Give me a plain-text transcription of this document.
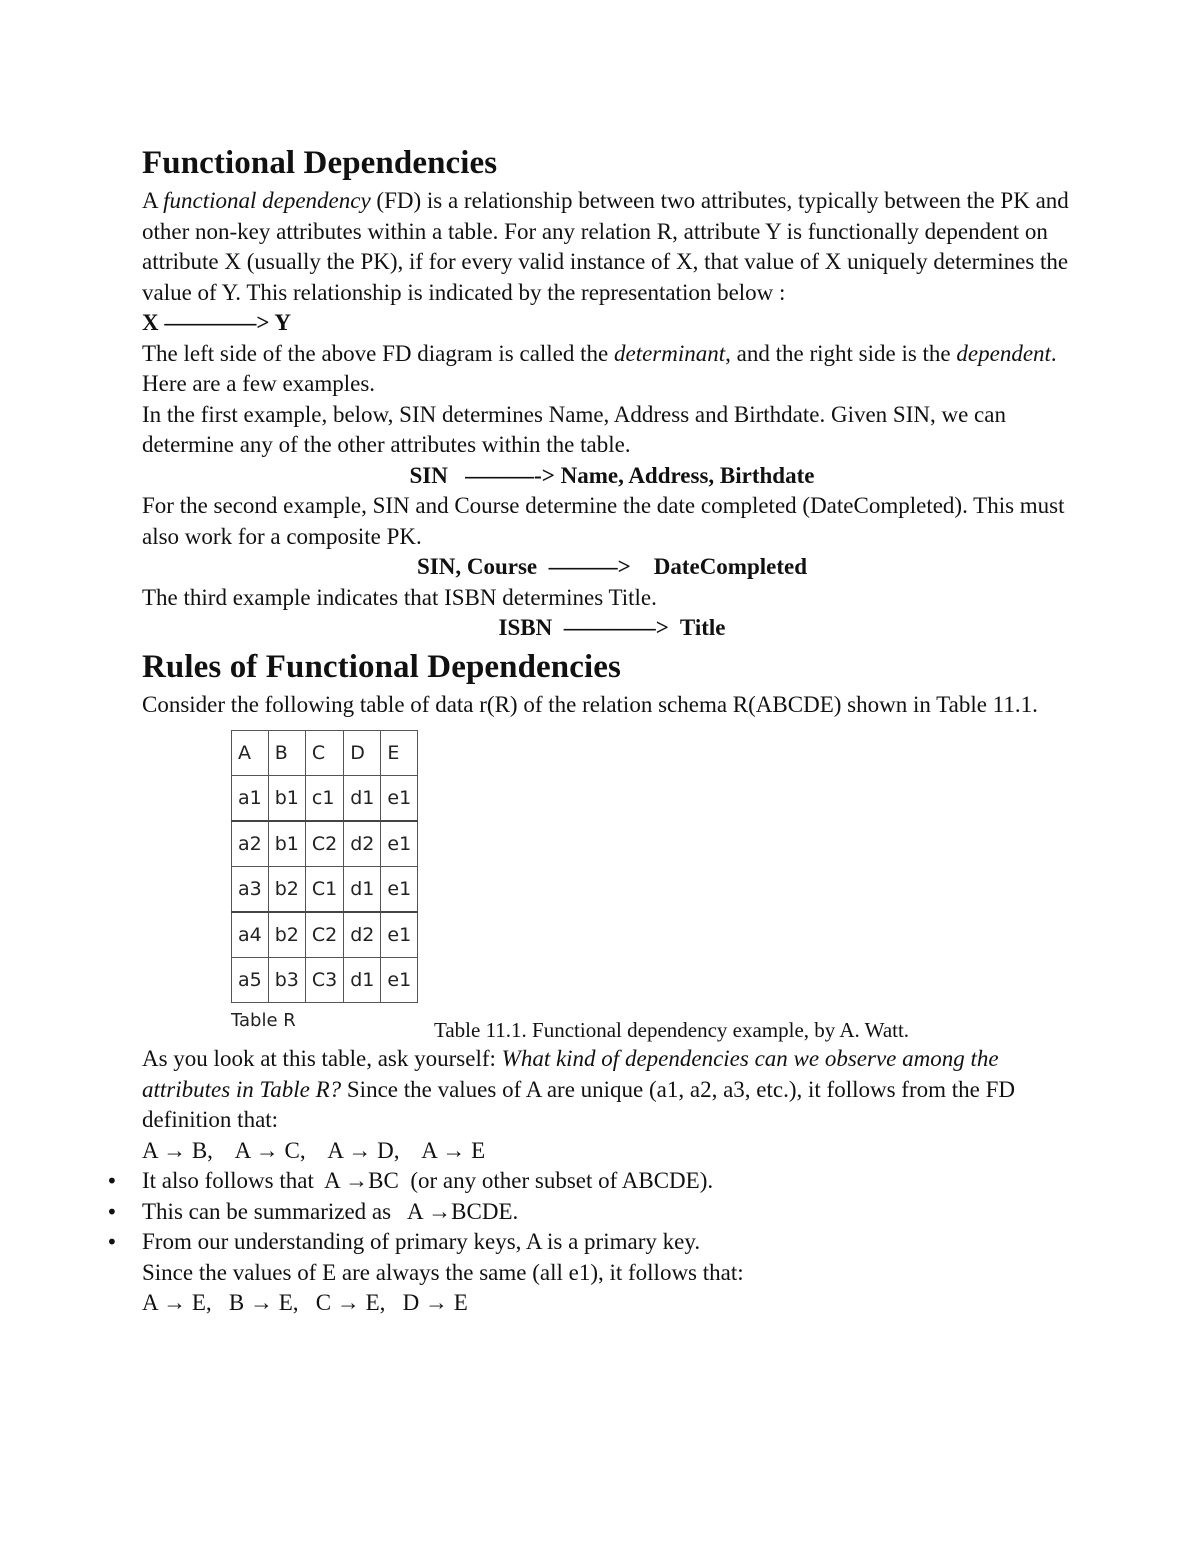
Functional Dependencies

A functional dependency (FD) is a relationship between two attributes, typically between the PK and other non-key attributes within a table. For any relation R, attribute Y is functionally dependent on attribute X (usually the PK), if for every valid instance of X, that value of X uniquely determines the value of Y. This relationship is indicated by the representation below :

X ————> Y

The left side of the above FD diagram is called the determinant, and the right side is the dependent. Here are a few examples.

In the first example, below, SIN determines Name, Address and Birthdate. Given SIN, we can determine any of the other attributes within the table.

SIN   ———-> Name, Address, Birthdate

For the second example, SIN and Course determine the date completed (DateCompleted). This must also work for a composite PK.

SIN, Course  ———>    DateCompleted

The third example indicates that ISBN determines Title.

ISBN  ————>  Title

Rules of Functional Dependencies

Consider the following table of data r(R) of the relation schema R(ABCDE) shown in Table 11.1.

A	B	C	D	E
a1	b1	c1	d1	e1
a2	b1	C2	d2	e1
a3	b2	C1	d1	e1
a4	b2	C2	d2	e1
a5	b3	C3	d1	e1
Table R	Table 11.1. Functional dependency example, by A. Watt.

As you look at this table, ask yourself: What kind of dependencies can we observe among the attributes in Table R? Since the values of A are unique (a1, a2, a3, etc.), it follows from the FD definition that:

A → B,    A → C,    A → D,    A → E

• It also follows that  A →BC  (or any other subset of ABCDE).
• This can be summarized as   A →BCDE.
• From our understanding of primary keys, A is a primary key.

Since the values of E are always the same (all e1), it follows that:

A → E,   B → E,   C → E,   D → E
